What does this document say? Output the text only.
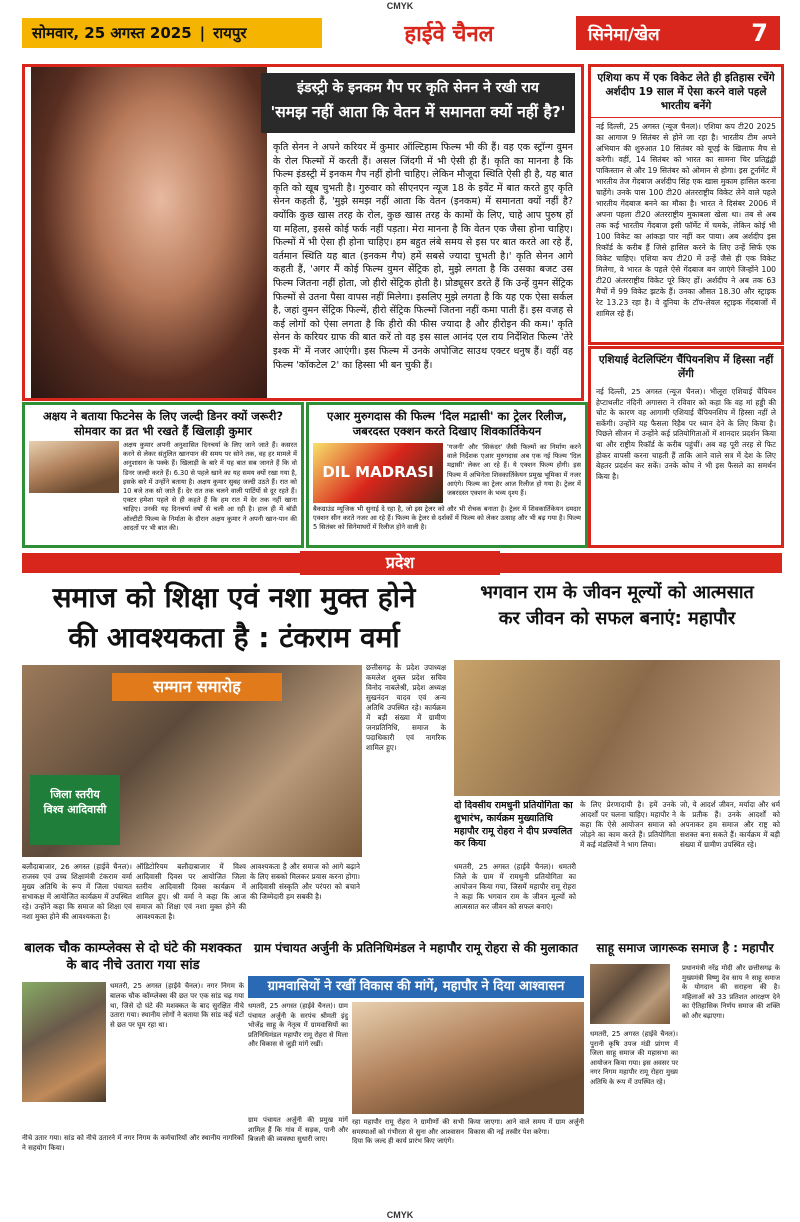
CMYK
सोमवार, 25 अगस्त 2025 | रायपुर	हाईवे चैनल	सिनेमा/खेल	7
इंडस्ट्री के इनकम गैप पर कृति सेनन ने रखी राय
'समझ नहीं आता कि वेतन में समानता क्यों नहीं है?'
कृति सेनन ने अपने करियर में कुमार ऑल्टिहाम फिल्म भी की हैं। वह एक स्ट्रॉन्ग वुमन के रोल फिल्मों में करती हैं। असल जिंदगी में भी ऐसी ही हैं। कृति का मानना है कि फिल्म इंडस्ट्री में इनकम गैप नहीं होनी चाहिए। लेकिन मौजूदा स्थिति ऐसी ही है, यह बात कृति को खूब चुभती है। गुरुवार को सीएनएन न्यूज 18 के इवेंट में बात करते हुए कृति सेनन कहती हैं, 'मुझे समझ नहीं आता कि वेतन (इनकम) में समानता क्यों नहीं है? क्योंकि कुछ खास तरह के रोल, कुछ खास तरह के कामों के लिए, चाहे आप पुरुष हों या महिला, इससे कोई फर्क नहीं पड़ता। मेरा मानना है कि वेतन एक जैसा होना चाहिए। फिल्मों में भी ऐसा ही होना चाहिए। हम बहुत लंबे समय से इस पर बात करते आ रहे हैं, वर्तमान स्थिति यह बात (इनकम गैप) हमें सबसे ज्यादा चुभती है।' कृति सेनन आगे कहती हैं, 'अगर मैं कोई फिल्म वुमन सेंट्रिक हो, मुझे लगता है कि उसका बजट उस फिल्म जितना नहीं होता, जो हीरो सेंट्रिक होती है। प्रोड्यूसर डरते हैं कि उन्हें वुमन सेंट्रिक फिल्मों से उतना पैसा वापस नहीं मिलेगा। इसलिए मुझे लगता है कि यह एक ऐसा सर्कल है, जहां वुमन सेंट्रिक फिल्में, हीरो सेंट्रिक फिल्मों जितना नहीं कमा पाती हैं। इस वजह से कई लोगों को ऐसा लगता है कि हीरो की फीस ज्यादा है और हीरोइन की कम।' कृति सेनन के करियर ग्राफ की बात करें तो वह इस साल आनंद एल राय निर्देशित फिल्म 'तेरे इश्क में' में नजर आएंगी। इस फिल्म में उनके अपोजिट साउथ एक्टर धनुष हैं। वहीं वह फिल्म 'कॉकटेल 2' का हिस्सा भी बन चुकी हैं।
एशिया कप में एक विकेट लेते ही इतिहास रचेंगे अर्शदीप 19 साल में ऐसा करने वाले पहले भारतीय बनेंगे
नई दिल्ली, 25 अगस्त (न्यूज चैनल)। एशिया कप टी20 2025 का आगाज 9 सितंबर से होने जा रहा है। भारतीय टीम अपने अभियान की शुरुआत 10 सितंबर को यूएई के खिलाफ मैच से करेगी। वहीं, 14 सितंबर को भारत का सामना चिर प्रतिद्वंद्वी पाकिस्तान से और 19 सितंबर को ओमान से होगा। इस टूर्नामेंट में भारतीय तेज गेंदबाज अर्शदीप सिंह एक खास मुकाम हासिल करना चाहेंगे। उनके पास 100 टी20 अंतरराष्ट्रीय विकेट लेने वाले पहले भारतीय गेंदबाज बनने का मौका है। भारत ने दिसंबर 2006 में अपना पहला टी20 अंतरराष्ट्रीय मुकाबला खेला था। तब से अब तक कई भारतीय गेंदबाज इसी फॉर्मेट में चमके, लेकिन कोई भी 100 विकेट का आंकड़ा पार नहीं कर पाया। अब अर्शदीप इस रिकॉर्ड के करीब हैं जिसे हासिल करने के लिए उन्हें सिर्फ एक विकेट चाहिए। एशिया कप टी20 में उन्हें जैसे ही एक विकेट मिलेगा, वे भारत के पहले ऐसे गेंदबाज बन जाएंगे जिन्होंने 100 टी20 अंतरराष्ट्रीय विकेट पूरे किए हों। अर्शदीप ने अब तक 63 मैचों में 99 विकेट झटके हैं। उनका औसत 18.30 और स्ट्राइक रेट 13.23 रहा है। वे दुनिया के टॉप-लेवल स्ट्राइक गेंदबाजों में शामिल रहे हैं।
एशियाई वेटलिफ्टिंग चैंपियनशिप में हिस्सा नहीं लेंगी
नई दिल्ली, 25 अगस्त (न्यूज चैनल)। भीलूरा एशियाई चैंपियन हेप्टाथलीट नंदिनी अगासरा ने रविवार को कहा कि वह मां हड्डी की चोट के कारण वह आगामी एशियाई चैंपियनशिप में हिस्सा नहीं ले सकेंगी। उन्होंने यह फैसला रिहैब पर ध्यान देने के लिए किया है। पिछले सीजन में उन्होंने कई प्रतियोगिताओं में शानदार प्रदर्शन किया था और राष्ट्रीय रिकॉर्ड के करीब पहुंचीं। अब वह पूरी तरह से फिट होकर वापसी करना चाहती हैं ताकि आने वाले सत्र में देश के लिए बेहतर प्रदर्शन कर सकें। उनके कोच ने भी इस फैसले का समर्थन किया है।
अक्षय ने बताया फिटनेस के लिए जल्दी डिनर क्यों जरूरी? सोमवार का व्रत भी रखते हैं खिलाड़ी कुमार
अक्षय कुमार अपनी अनुशासित दिनचर्या के लिए जाने जाते हैं। कसरत करने से लेकर संतुलित खानपान की समय पर सोने तक, वह हर मामले में अनुशासन के पक्के हैं। खिलाड़ी के बारे में यह बात सब जानते हैं कि वो डिनर जल्दी करते हैं। 6.30 से पहले खाने का यह समय क्यों रखा गया है, इसके बारे में उन्होंने बताया है। अक्षय कुमार सुबह जल्दी उठते हैं। रात को 10 बजे तक सो जाते हैं। देर रात तक चलने वाली पार्टियों से दूर रहते हैं। एक्टर हमेशा पहले से ही कहते हैं कि हम रात में देर तक नहीं खाना चाहिए। उनकी यह दिनचर्या वर्षों से चली आ रही है। हाल ही में बॉडी ऑल्टीटी फिल्म के निर्माता के दौरान अक्षय कुमार ने अपनी खान-पान की आदतों पर भी बात की।
एआर मुरुगदास की फिल्म 'दिल मद्रासी' का ट्रेलर रिलीज, जबरदस्त एक्शन करते दिखाए शिवकार्तिकेयन
DIL MADRASI
'गजनी' और 'सिकंदर' जैसी फिल्मों का निर्माण करने वाले निर्देशक एआर मुरुगदास अब एक नई फिल्म 'दिल मद्रासी' लेकर आ रहे हैं। ये एक्शन फिल्म होगी। इस फिल्म में अभिनेता शिवकार्तिकेयन प्रमुख भूमिका में नजर आएंगे। फिल्म का ट्रेलर आज रिलीज हो गया है। ट्रेलर में जबरदस्त एक्शन के भव्य दृश्य हैं।
बैकग्राउंड म्यूजिक भी सुनाई दे रहा है, जो इस ट्रेलर को और भी रोचक बनाता है। ट्रेलर में शिवकार्तिकेयन दमदार एक्शन सीन करते नजर आ रहे हैं। फिल्म के ट्रेलर से दर्शकों में फिल्म को लेकर उत्साह और भी बढ़ गया है। फिल्म 5 सितंबर को सिनेमाघरों में रिलीज होने वाली है।
प्रदेश
समाज को शिक्षा एवं नशा मुक्त होने
की आवश्यकता है : टंकराम वर्मा
सम्मान समारोह
जिला स्तरीय
विश्व आदिवासी
छत्तीसगढ़ के प्रदेश उपाध्यक्ष कमलेश शुक्ल प्रदेश सचिव विनोद नाबलेश्री, प्रदेश अध्यक्ष सुखनंदन यादव एवं अन्य अतिथि उपस्थित रहे। कार्यक्रम में बड़ी संख्या में ग्रामीण जनप्रतिनिधि, समाज के पदाधिकारी एवं नागरिक शामिल हुए।
बलौदाबाजार, 26 अगस्त (हाईवे चैनल)। राजस्व एवं उच्च शिक्षामंत्री टंकराम वर्मा मुख्य अतिथि के रूप में जिला पंचायत सभाकक्ष में आयोजित कार्यक्रम में उपस्थित रहे। उन्होंने कहा कि समाज को शिक्षा एवं नशा मुक्त होने की आवश्यकता है।
ऑडिटोरियम बलौदाबाजार में विश्व आदिवासी दिवस पर आयोजित जिला स्तरीय आदिवासी दिवस कार्यक्रम में शामिल हुए। श्री वर्मा ने कहा कि आज समाज को शिक्षा एवं नशा मुक्त होने की आवश्यकता है।
आवश्यकता है और समाज को आगे बढ़ाने के लिए सबको मिलकर प्रयास करना होगा। आदिवासी संस्कृति और परंपरा को बचाने की जिम्मेदारी हम सबकी है।
भगवान राम के जीवन मूल्यों को आत्मसात
कर जीवन को सफल बनाएं: महापौर
दो दिवसीय रामधुनी प्रतियोगिता का शुभारंभ, कार्यक्रम मुख्यातिथि महापौर रामू रोहरा ने दीप प्रज्वलित कर किया
धमतरी, 25 अगस्त (हाईवे चैनल)। धमतरी जिले के ग्राम में रामधुनी प्रतियोगिता का आयोजन किया गया, जिसमें महापौर रामू रोहरा ने कहा कि भगवान राम के जीवन मूल्यों को आत्मसात कर जीवन को सफल बनाएं।
के लिए प्रेरणादायी है। हमें उनके आदर्शों पर चलना चाहिए। महापौर ने कहा कि ऐसे आयोजन समाज को जोड़ने का काम करते हैं। प्रतियोगिता में कई मंडलियों ने भाग लिया।
जो, ये आदर्श जीवन, मर्यादा और धर्म के प्रतीक हैं। उनके आदर्शों को अपनाकर हम समाज और राष्ट्र को सशक्त बना सकते हैं। कार्यक्रम में बड़ी संख्या में ग्रामीण उपस्थित रहे।
बालक चौक काम्प्लेक्स से दो घंटे की मशक्कत के बाद नीचे उतारा गया सांड
धमतरी, 25 अगस्त (हाईवे चैनल)। नगर निगम के बालक चौक कॉम्प्लेक्स की छत पर एक सांड चढ़ गया था, जिसे दो घंटे की मशक्कत के बाद सुरक्षित नीचे उतारा गया। स्थानीय लोगों ने बताया कि सांड कई घंटों से छत पर घूम रहा था।
नीचे उतार गया। सांड को नीचे उतारने में नगर निगम के कर्मचारियों और स्थानीय नागरिकों ने सहयोग किया।
ग्राम पंचायत अर्जुनी के प्रतिनिधिमंडल ने महापौर रामू रोहरा से की मुलाकात
ग्रामवासियों ने रखीं विकास की मांगें, महापौर ने दिया आश्वासन
धमतरी, 25 अगस्त (हाईवे चैनल)। ग्राम पंचायत अर्जुनी के सरपंच श्रीमती इंदु भोजेंद्र साहू के नेतृत्व में ग्रामवासियों का प्रतिनिधिमंडल महापौर रामू रोहरा से मिला और विकास से जुड़ी मांगें रखीं।
ग्राम पंचायत अर्जुनी की प्रमुख मांगें शामिल हैं कि गांव में सड़क, पानी और बिजली की व्यवस्था सुधारी जाए।
रहा महापौर रामू रोहरा ने ग्रामीणों की सभी समस्याओं को गंभीरता से सुना और आश्वासन दिया कि जल्द ही कार्य प्रारंभ किए जाएंगे।
किया जाएगा। आने वाले समय में ग्राम अर्जुनी विकास की नई तस्वीर पेश करेगा।
साहू समाज जागरूक समाज है : महापौर
धमतरी, 25 अगस्त (हाईवे चैनल)। पुरानी कृषि उपज मंडी प्रांगण में जिला साहू समाज की महासभा का आयोजन किया गया। इस अवसर पर नगर निगम महापौर रामू रोहरा मुख्य अतिथि के रूप में उपस्थित रहे।
प्रधानमंत्री नरेंद्र मोदी और छत्तीसगढ़ के मुख्यमंत्री विष्णु देव साय ने साहू समाज के योगदान की सराहना की है। महिलाओं को 33 प्रतिशत आरक्षण देने का ऐतिहासिक निर्णय समाज की शक्ति को और बढ़ाएगा।
CMYK
